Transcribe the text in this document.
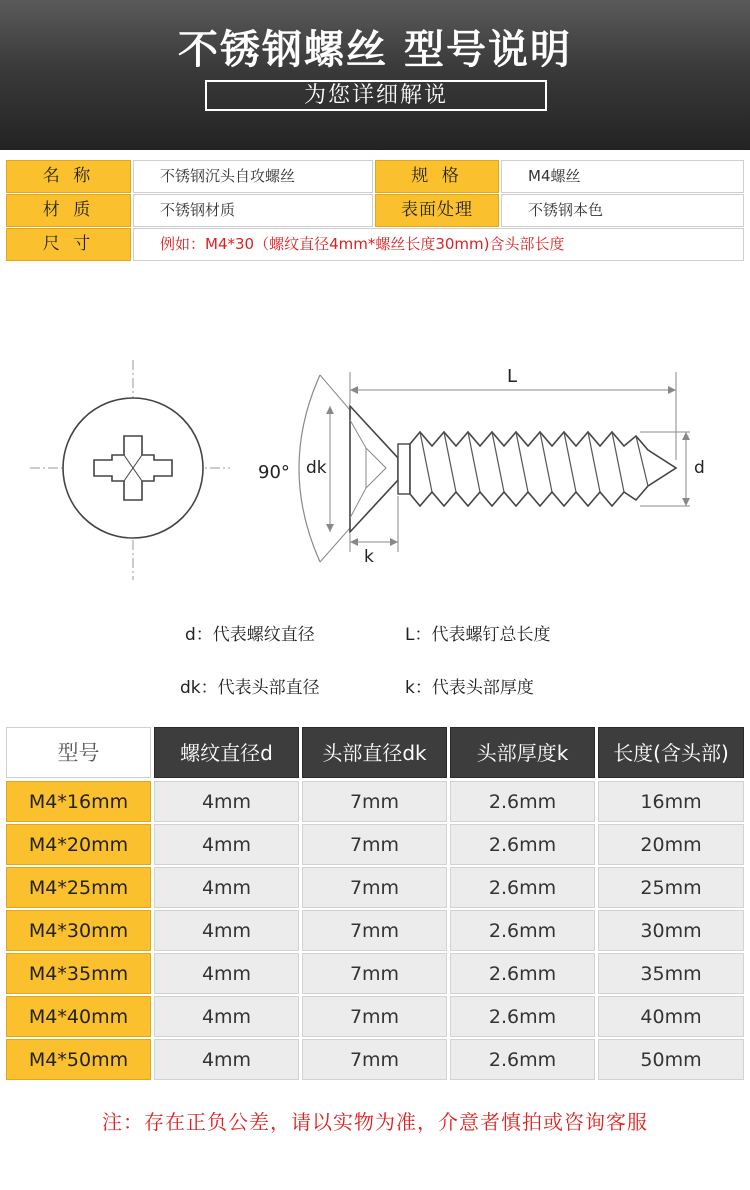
不锈钢螺丝 型号说明
为您详细解说
名 称	不锈钢沉头自攻螺丝	规 格	M4螺丝
材 质	不锈钢材质	表面处理	不锈钢本色
尺 寸	例如：M4*30（螺纹直径4mm*螺丝长度30mm)含头部长度
90° dk
L
d
k
d：代表螺纹直径	L：代表螺钉总长度
dk：代表头部直径	k：代表头部厚度
型号	螺纹直径d	头部直径dk	头部厚度k	长度(含头部)
M4*16mm	4mm	7mm	2.6mm	16mm
M4*20mm	4mm	7mm	2.6mm	20mm
M4*25mm	4mm	7mm	2.6mm	25mm
M4*30mm	4mm	7mm	2.6mm	30mm
M4*35mm	4mm	7mm	2.6mm	35mm
M4*40mm	4mm	7mm	2.6mm	40mm
M4*50mm	4mm	7mm	2.6mm	50mm
注：存在正负公差，请以实物为准，介意者慎拍或咨询客服
